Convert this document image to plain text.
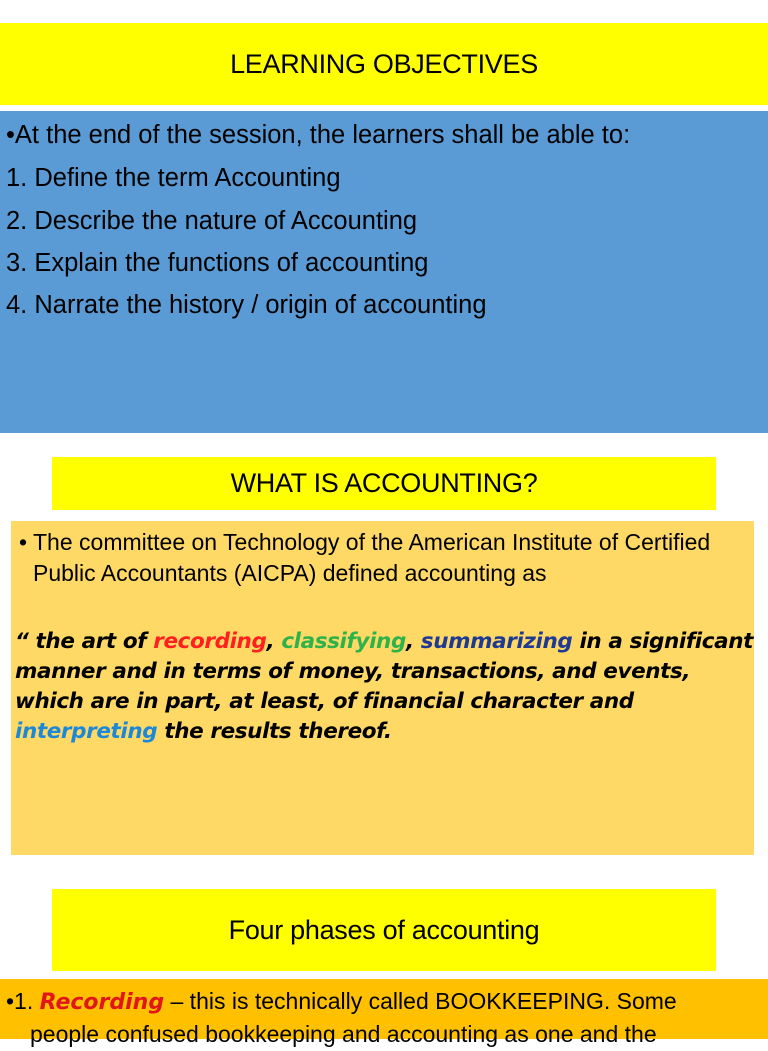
LEARNING OBJECTIVES
•At the end of the session, the learners shall be able to:
1. Define the term Accounting
2. Describe the nature of Accounting
3. Explain the functions of accounting
4. Narrate the history / origin of accounting
WHAT IS ACCOUNTING?
• The committee on Technology of the American Institute of Certified Public Accountants (AICPA) defined accounting as
“ the art of recording, classifying, summarizing in a significant manner and in terms of money, transactions, and events, which are in part, at least, of financial character and interpreting the results thereof.
Four phases of accounting
•1. Recording – this is technically called BOOKKEEPING. Some
people confused bookkeeping and accounting as one and the
